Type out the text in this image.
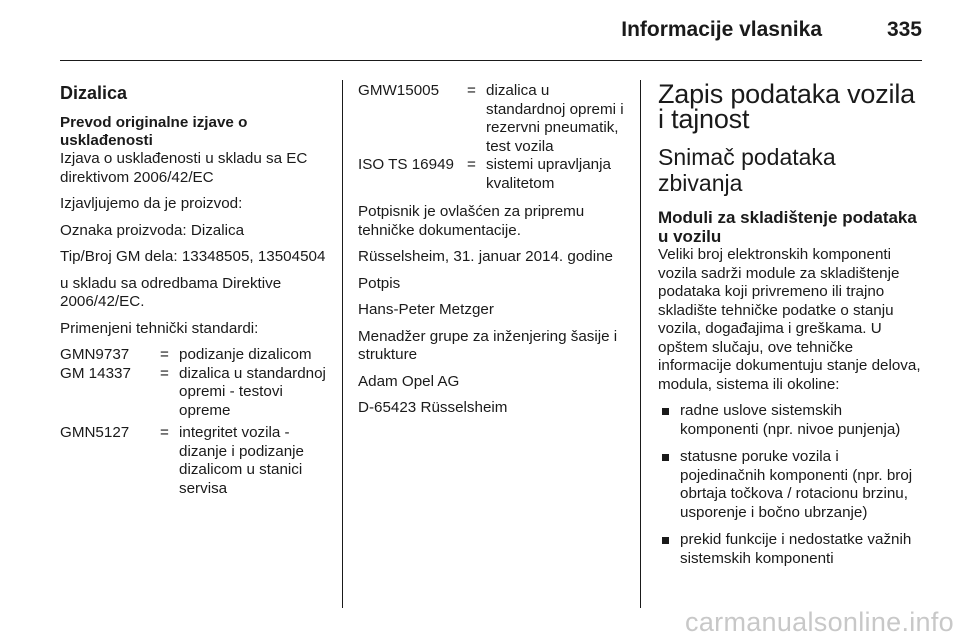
Informacije vlasnika	335
Dizalica
Prevod originalne izjave o usklađenosti

Izjava o usklađenosti u skladu sa EC direktivom 2006/42/EC

Izjavljujemo da je proizvod:

Oznaka proizvoda: Dizalica

Tip/Broj GM dela: 13348505, 13504504

u skladu sa odredbama Direktive 2006/42/EC.

Primenjeni tehnički standardi:

GMN9737	= podizanje dizalicom
GM 14337	= dizalica u standardnoj opremi - testovi opreme
GMN5127	= integritet vozila - dizanje i podizanje dizalicom u stanici servisa
GMW15005	= dizalica u standardnoj opremi i rezervni pneumatik, test vozila
ISO TS 16949 = sistemi upravljanja kvalitetom

Potpisnik je ovlašćen za pripremu tehničke dokumentacije.

Rüsselsheim, 31. januar 2014. godine

Potpis

Hans-Peter Metzger

Menadžer grupe za inženjering šasije i strukture

Adam Opel AG

D-65423 Rüsselsheim

Zapis podataka vozila i tajnost
Snimač podataka zbivanja
Moduli za skladištenje podataka u vozilu

Veliki broj elektronskih komponenti vozila sadrži module za skladištenje podataka koji privremeno ili trajno skladište tehničke podatke o stanju vozila, događajima i greškama. U opštem slučaju, ove tehničke informacije dokumentuju stanje delova, modula, sistema ili okoline:

radne uslove sistemskih komponenti (npr. nivoe punjenja)
statusne poruke vozila i pojedinačnih komponenti (npr. broj obrtaja točkova / rotacionu brzinu, usporenje i bočno ubrzanje)
prekid funkcije i nedostatke važnih sistemskih komponenti
carmanualsonline.info
